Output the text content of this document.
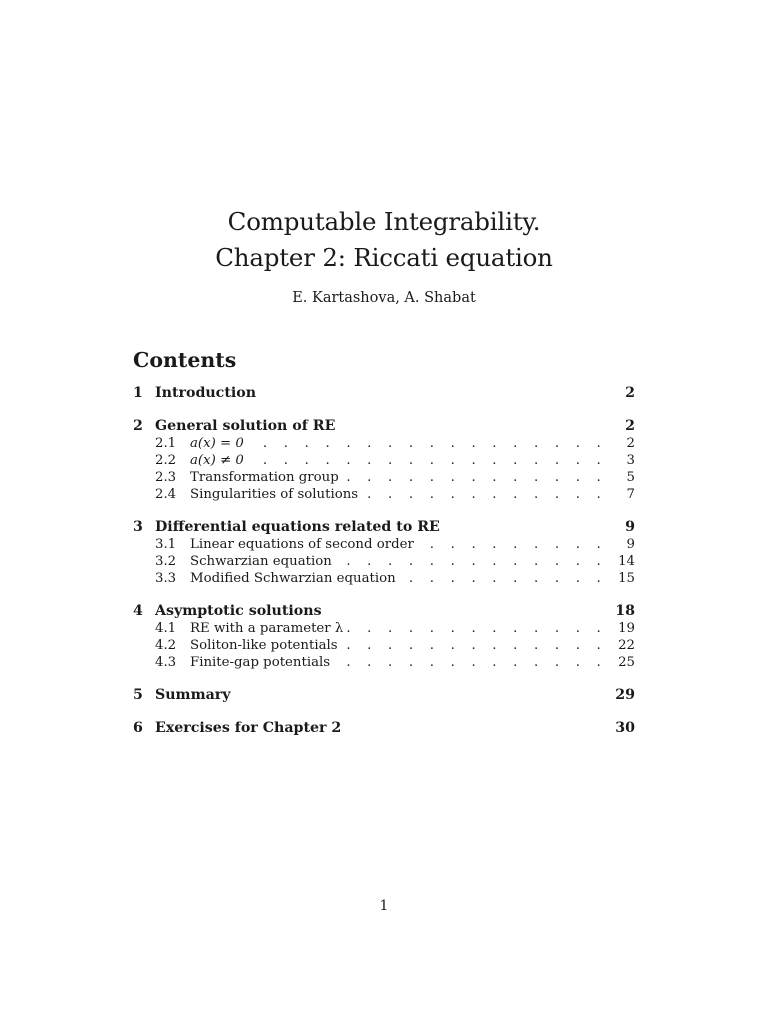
Computable Integrability.
Chapter 2: Riccati equation
E. Kartashova, A. Shabat
Contents
1 Introduction	2
2 General solution of RE	2
2.1	a(x) = 0 . . .	2
2.2	a(x) ≠ 0 . . .	3
2.3	Transformation group . . .	5
2.4	Singularities of solutions . . .	7
3 Differential equations related to RE	9
3.1	Linear equations of second order . . .	9
3.2	Schwarzian equation . . .	14
3.3	Modified Schwarzian equation . . .	15
4 Asymptotic solutions	18
4.1	RE with a parameter λ . . .	19
4.2	Soliton-like potentials . . .	22
4.3	Finite-gap potentials . . .	25
5 Summary	29
6 Exercises for Chapter 2	30
1
